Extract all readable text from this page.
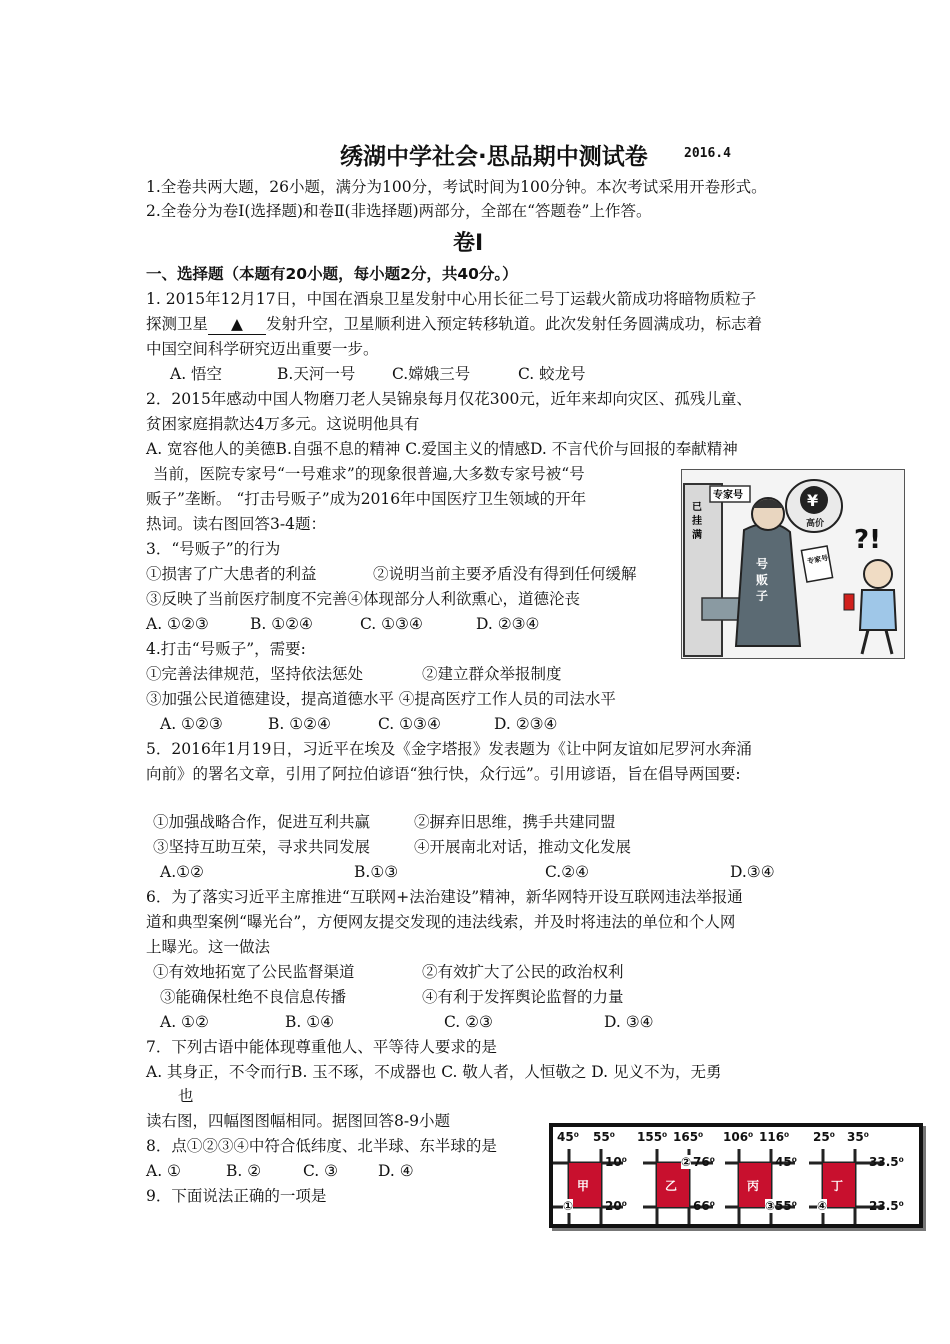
绣湖中学社会·思品期中测试卷	2016.4
1.全卷共两大题，26小题，满分为100分，考试时间为100分钟。本次考试采用开卷形式。
2.全卷分为卷Ⅰ(选择题)和卷Ⅱ(非选择题)两部分，全部在“答题卷”上作答。
卷Ⅰ
一、选择题（本题有20小题，每小题2分，共40分。）
1. 2015年12月17日，中国在酒泉卫星发射中心用长征二号丁运载火箭成功将暗物质粒子
探测卫星 ▲ 发射升空，卫星顺利进入预定转移轨道。此次发射任务圆满成功，标志着
中国空间科学研究迈出重要一步。
A. 悟空	B.天河一号 C.嫦娥三号	C. 蛟龙号
2．2015年感动中国人物磨刀老人吴锦泉每月仅花300元，近年来却向灾区、孤残儿童、
贫困家庭捐款达4万多元。这说明他具有
A. 宽容他人的美德B.自强不息的精神 C.爱国主义的情感D. 不言代价与回报的奉献精神
当前，医院专家号“一号难求”的现象很普遍,大多数专家号被“号
贩子”垄断。 “打击号贩子”成为2016年中国医疗卫生领域的开年
热词。读右图回答3-4题：
3．“号贩子”的行为
①损害了广大患者的利益	②说明当前主要矛盾没有得到任何缓解
③反映了当前医疗制度不完善④体现部分人利欲熏心，道德沦丧
A. ①②③	B. ①②④	C. ①③④	D. ②③④
4.打击“号贩子”，需要:
①完善法律规范，坚持依法惩处	②建立群众举报制度
③加强公民道德建设，提高道德水平 ④提高医疗工作人员的司法水平
A. ①②③	B. ①②④	C. ①③④	D. ②③④
5．2016年1月19日，习近平在埃及《金字塔报》发表题为《让中阿友谊如尼罗河水奔涌
向前》的署名文章，引用了阿拉伯谚语“独行快，众行远”。引用谚语，旨在倡导两国要:
①加强战略合作，促进互利共赢	②摒弃旧思维，携手共建同盟
③坚持互助互荣，寻求共同发展	④开展南北对话，推动文化发展
A.①②	B.①③	C.②④	D.③④
6．为了落实习近平主席推进“互联网+法治建设”精神，新华网特开设互联网违法举报通
道和典型案例“曝光台”，方便网友提交发现的违法线索，并及时将违法的单位和个人网
上曝光。这一做法
①有效地拓宽了公民监督渠道	②有效扩大了公民的政治权利
③能确保杜绝不良信息传播	④有利于发挥舆论监督的力量
A. ①②	B. ①④	C. ②③	D. ③④
7．下列古语中能体现尊重他人、平等待人要求的是
A. 其身正，不令而行B. 玉不琢，不成器也 C. 敬人者，人恒敬之 D. 见义不为，无勇
也
读右图，四幅图图幅相同。据图回答8-9小题
8．点①②③④中符合低纬度、北半球、东半球的是
A. ①	B. ②	C. ③	D. ④
9．下面说法正确的一项是
已
挂
满
专家号
号
贩
子
¥
高价
专家号
?!
45⁰ 55⁰ 155⁰ 165⁰ 106⁰ 116⁰ 25⁰ 35⁰
甲	乙	丙	丁
10⁰
20⁰
76⁰
66⁰
45⁰
55⁰
33.5⁰
23.5⁰
①
②
③	④
